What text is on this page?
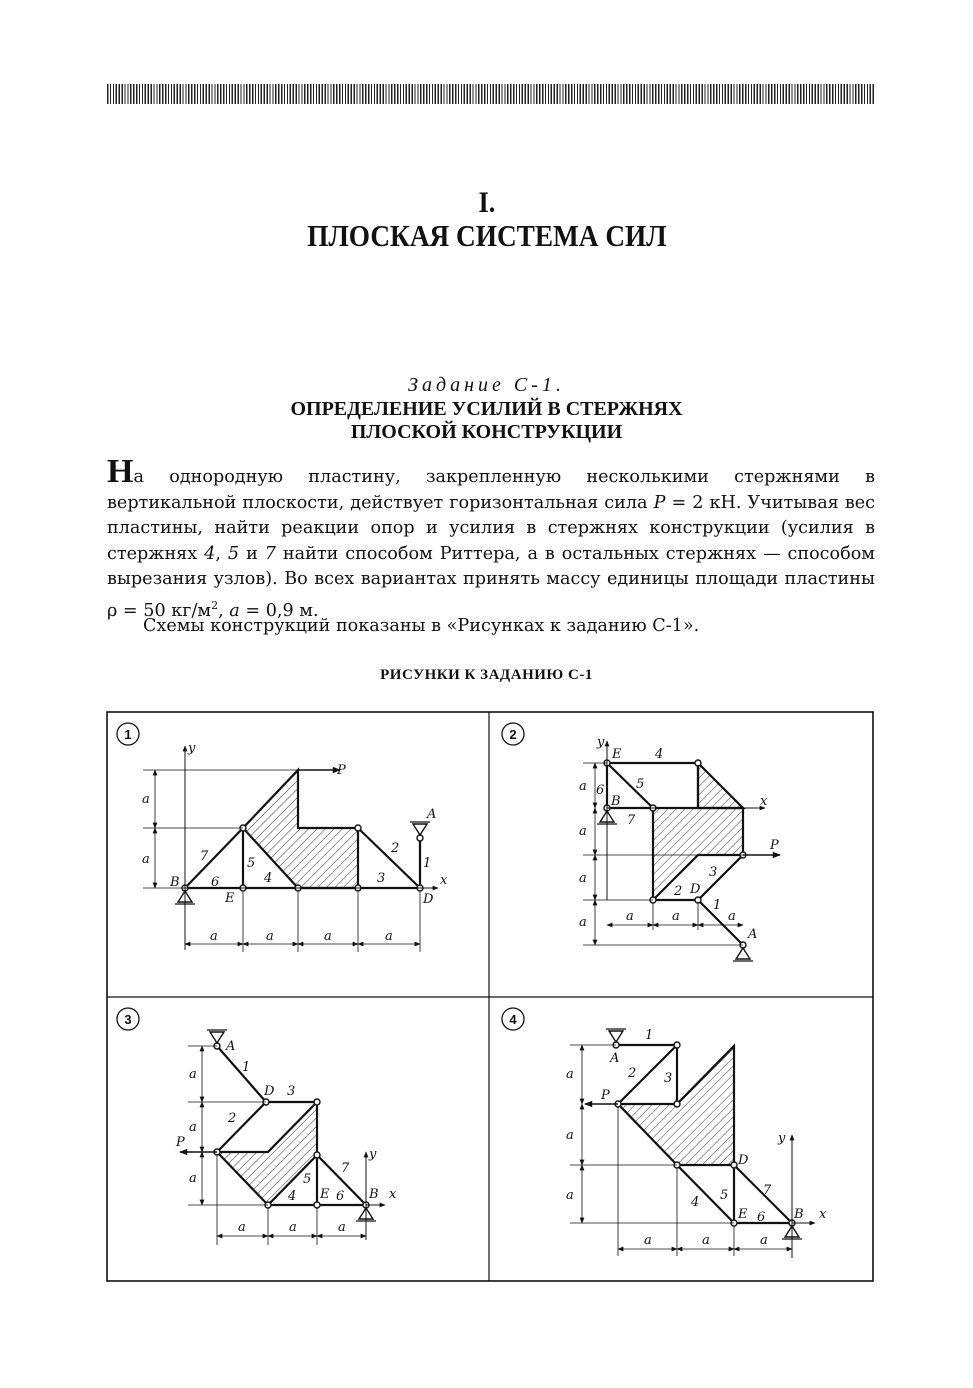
I.
ПЛОСКАЯ СИСТЕМА СИЛ
Задание С-1.
ОПРЕДЕЛЕНИЕ УСИЛИЙ В СТЕРЖНЯХ
ПЛОСКОЙ КОНСТРУКЦИИ
На однородную пластину, закрепленную несколькими стержнями в вертикальной плоскости, действует горизонтальная сила P = 2 кН. Учитывая вес пластины, найти реакции опор и усилия в стержнях конструкции (усилия в стержнях 4, 5 и 7 найти способом Риттера, а в остальных стержнях — способом вырезания узлов). Во всех вариантах принять массу единицы площади пластины ρ = 50 $кг/м^2$, a = 0,9 м.
Схемы конструкций показаны в «Рисунках к заданию С-1».
РИСУНКИ К ЗАДАНИЮ С-1
1
y
x
P
A
B
D
E
1
2
3
4
5
6
7
a
a
a	a	a	a
2
y
x
P
A
B
D
E
1
2
3
4
5
6
7
a
a
a
a	a	a	a
3
y
x
P
A
B
D
E
1
2
3
4
5
6
7
a
a
a
a	a	a
4
y
x
P
A
B
D
E
1
2 3
4 5
6
7
a
a
a
a	a	a
